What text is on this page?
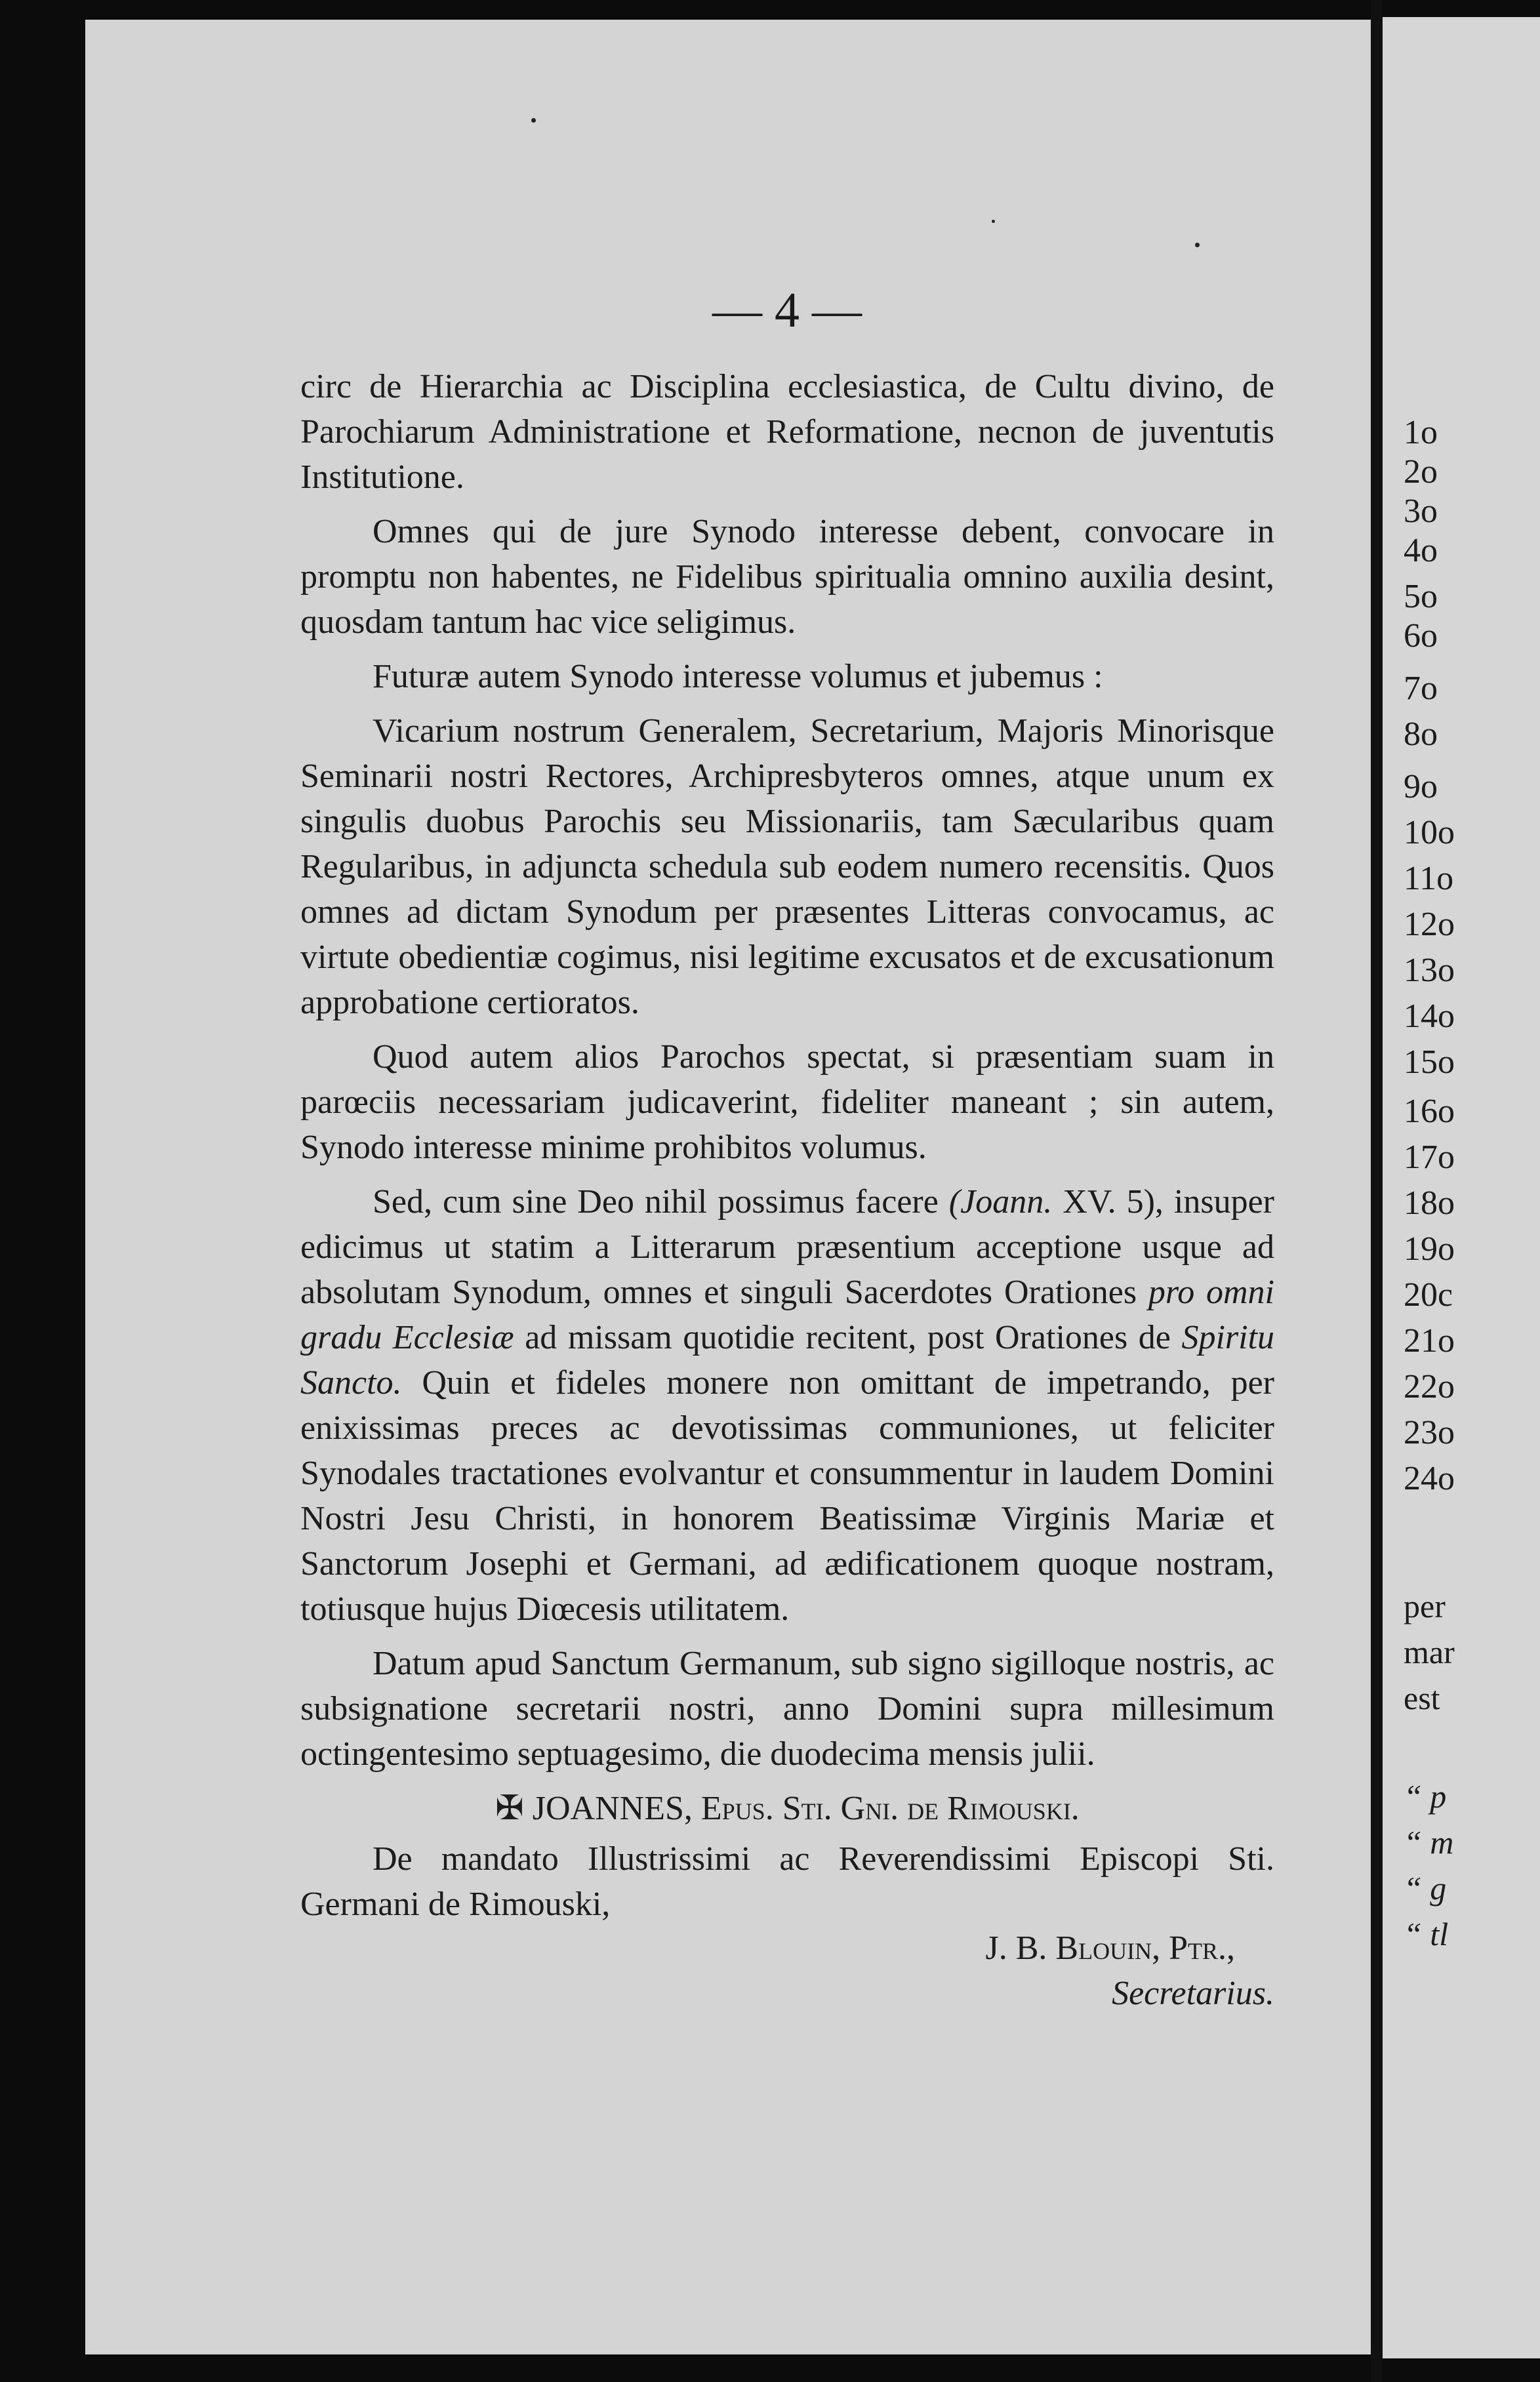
— 4 —

circ de Hierarchia ac Disciplina ecclesiastica, de Cultu divino, de Parochiarum Administratione et Reformatione, necnon de juventutis Institutione.

Omnes qui de jure Synodo interesse debent, convocare in promptu non habentes, ne Fidelibus spiritualia omnino auxilia desint, quosdam tantum hac vice seligimus.

Futuræ autem Synodo interesse volumus et jubemus :

Vicarium nostrum Generalem, Secretarium, Majoris Minorisque Seminarii nostri Rectores, Archipresbyteros omnes, atque unum ex singulis duobus Parochis seu Missionariis, tam Sæcularibus quam Regularibus, in adjuncta schedula sub eodem numero recensitis. Quos omnes ad dictam Synodum per præsentes Litteras convocamus, ac virtute obedientiæ cogimus, nisi legitime excusatos et de excusationum approbatione certioratos.

Quod autem alios Parochos spectat, si præsentiam suam in parœciis necessariam judicaverint, fideliter maneant ; sin autem, Synodo interesse minime prohibitos volumus.

Sed, cum sine Deo nihil possimus facere (Joann. XV. 5), insuper edicimus ut statim a Litterarum præsentium acceptione usque ad absolutam Synodum, omnes et singuli Sacerdotes Orationes pro omni gradu Ecclesiæ ad missam quotidie recitent, post Orationes de Spiritu Sancto. Quin et fideles monere non omittant de impetrando, per enixissimas preces ac devotissimas communiones, ut feliciter Synodales tractationes evolvantur et consummentur in laudem Domini Nostri Jesu Christi, in honorem Beatissimæ Virginis Mariæ et Sanctorum Josephi et Germani, ad ædificationem quoque nostram, totiusque hujus Diœcesis utilitatem.

Datum apud Sanctum Germanum, sub signo sigilloque nostris, ac subsignatione secretarii nostri, anno Domini supra millesimum octingentesimo septuagesimo, die duodecima mensis julii.

✠ JOANNES, Epus. Sti. Gni. de Rimouski.

De mandato Illustrissimi ac Reverendissimi Episcopi Sti. Germani de Rimouski,

J. B. Blouin, Ptr.,
Secretarius.
1o
2o
3o
4o
5o
6o
7o
8o
9o
10o
11o
12o
13o
14o
15o
16o
17o
18o
19o
20c
21o
22o
23o
24o
per
mar
est
“ p
“ m
“ g
“ tl
